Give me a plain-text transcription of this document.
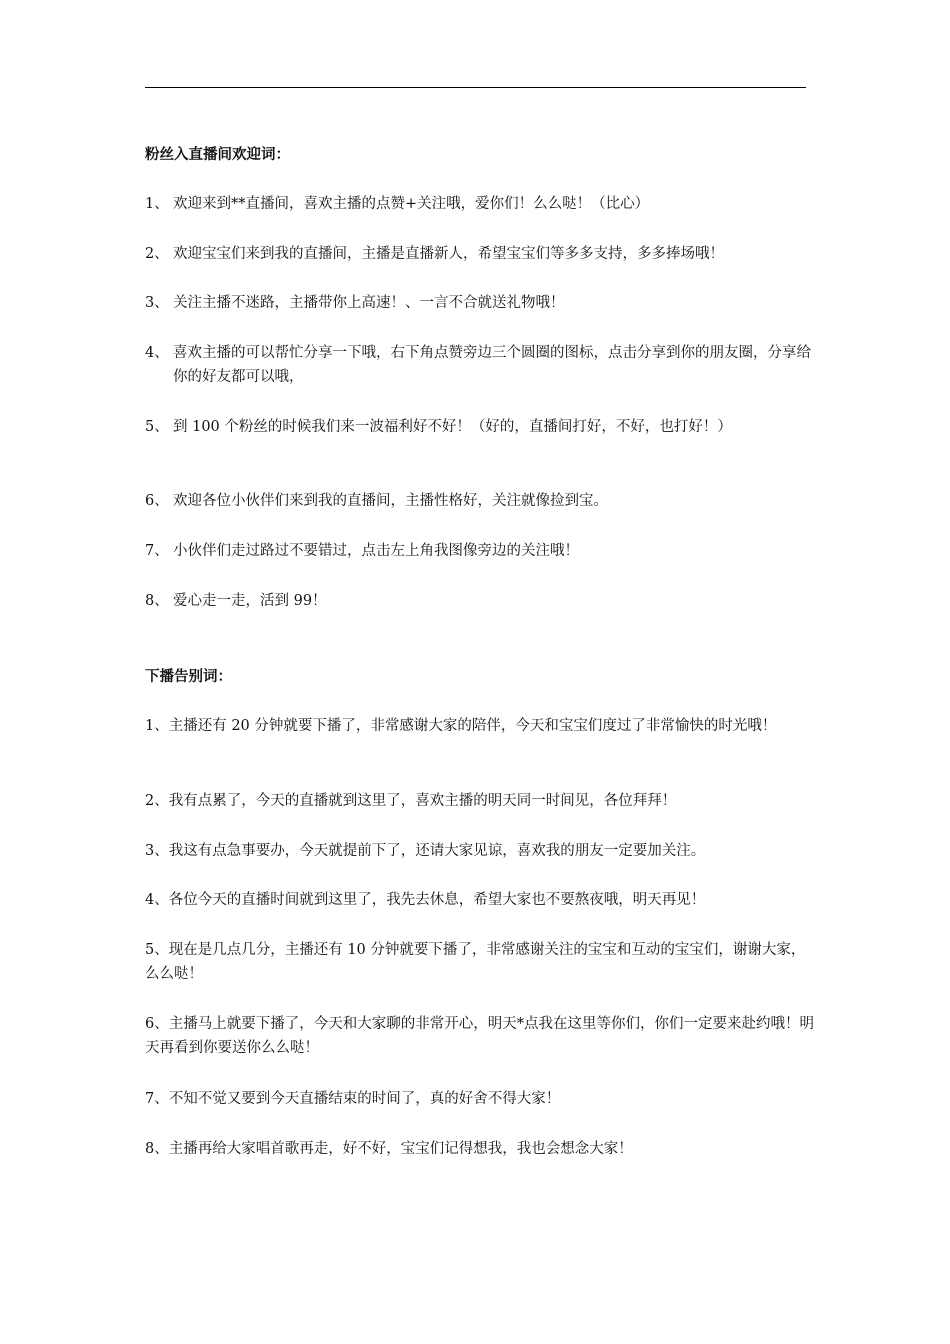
粉丝入直播间欢迎词：
1、 欢迎来到**直播间，喜欢主播的点赞+关注哦，爱你们！么么哒！（比心）
2、 欢迎宝宝们来到我的直播间，主播是直播新人，希望宝宝们等多多支持，多多捧场哦！
3、 关注主播不迷路，主播带你上高速！、一言不合就送礼物哦！
4、 喜欢主播的可以帮忙分享一下哦，右下角点赞旁边三个圆圈的图标，点击分享到你的朋友圈，分享给你的好友都可以哦，
5、 到 100 个粉丝的时候我们来一波福利好不好！（好的，直播间打好，不好，也打好！）
6、 欢迎各位小伙伴们来到我的直播间，主播性格好，关注就像捡到宝。
7、 小伙伴们走过路过不要错过，点击左上角我图像旁边的关注哦！
8、 爱心走一走，活到 99！
下播告别词：
1、主播还有 20 分钟就要下播了，非常感谢大家的陪伴，今天和宝宝们度过了非常愉快的时光哦！
2、我有点累了，今天的直播就到这里了，喜欢主播的明天同一时间见，各位拜拜！
3、我这有点急事要办，今天就提前下了，还请大家见谅，喜欢我的朋友一定要加关注。
4、各位今天的直播时间就到这里了，我先去休息，希望大家也不要熬夜哦，明天再见！
5、现在是几点几分，主播还有 10 分钟就要下播了，非常感谢关注的宝宝和互动的宝宝们，谢谢大家，么么哒！
6、主播马上就要下播了，今天和大家聊的非常开心，明天*点我在这里等你们，你们一定要来赴约哦！明天再看到你要送你么么哒！
7、不知不觉又要到今天直播结束的时间了，真的好舍不得大家！
8、主播再给大家唱首歌再走，好不好，宝宝们记得想我，我也会想念大家！
